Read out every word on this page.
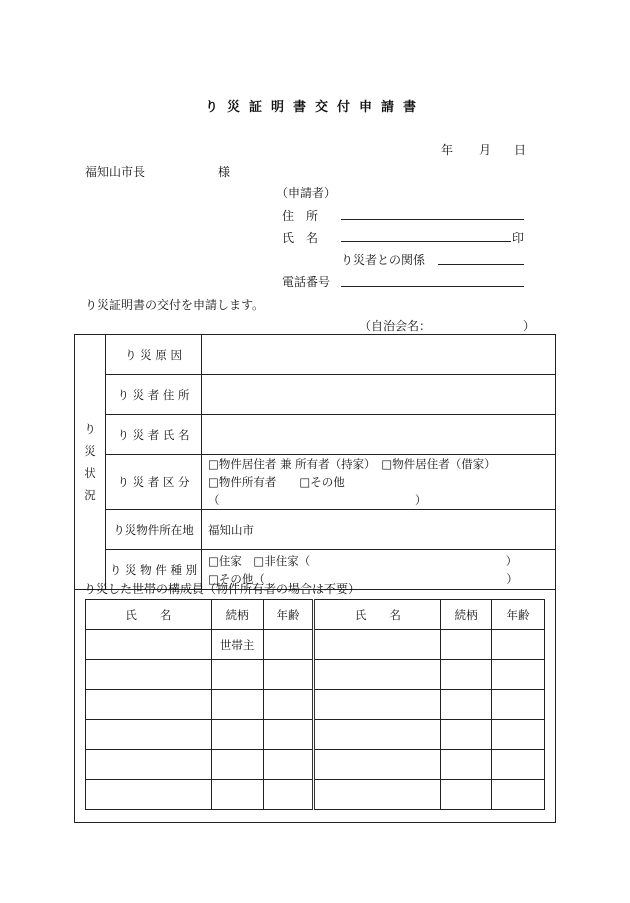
り災証明書交付申請書
年 月 日
福知山市長	様
（申請者）
住　所
氏　名	印
り災者との関係
電話番号
り災証明書の交付を申請します。
（自治会名：	）
り
災
状
況	り 災 原 因	
	り 災 者 住 所	
	り 災 者 氏 名	
	り 災 者 区 分	□物件居住者 兼 所有者（持家）　□物件居住者（借家）
□物件所有者　　□その他（　　　　　　　　　　　　　　　　　）

	り災物件所在地	福知山市
	り 災 物 件 種 別	□住家　□非住家（　　　　　　　　　　　　　　　　　）
□その他（　　　　　　　　　　　　　　　　　　　　　）
り災した世帯の構成員（物件所有者の場合は不要）
氏　　名	続柄	年齢	氏　　名	続柄	年齢
	世帯主				
